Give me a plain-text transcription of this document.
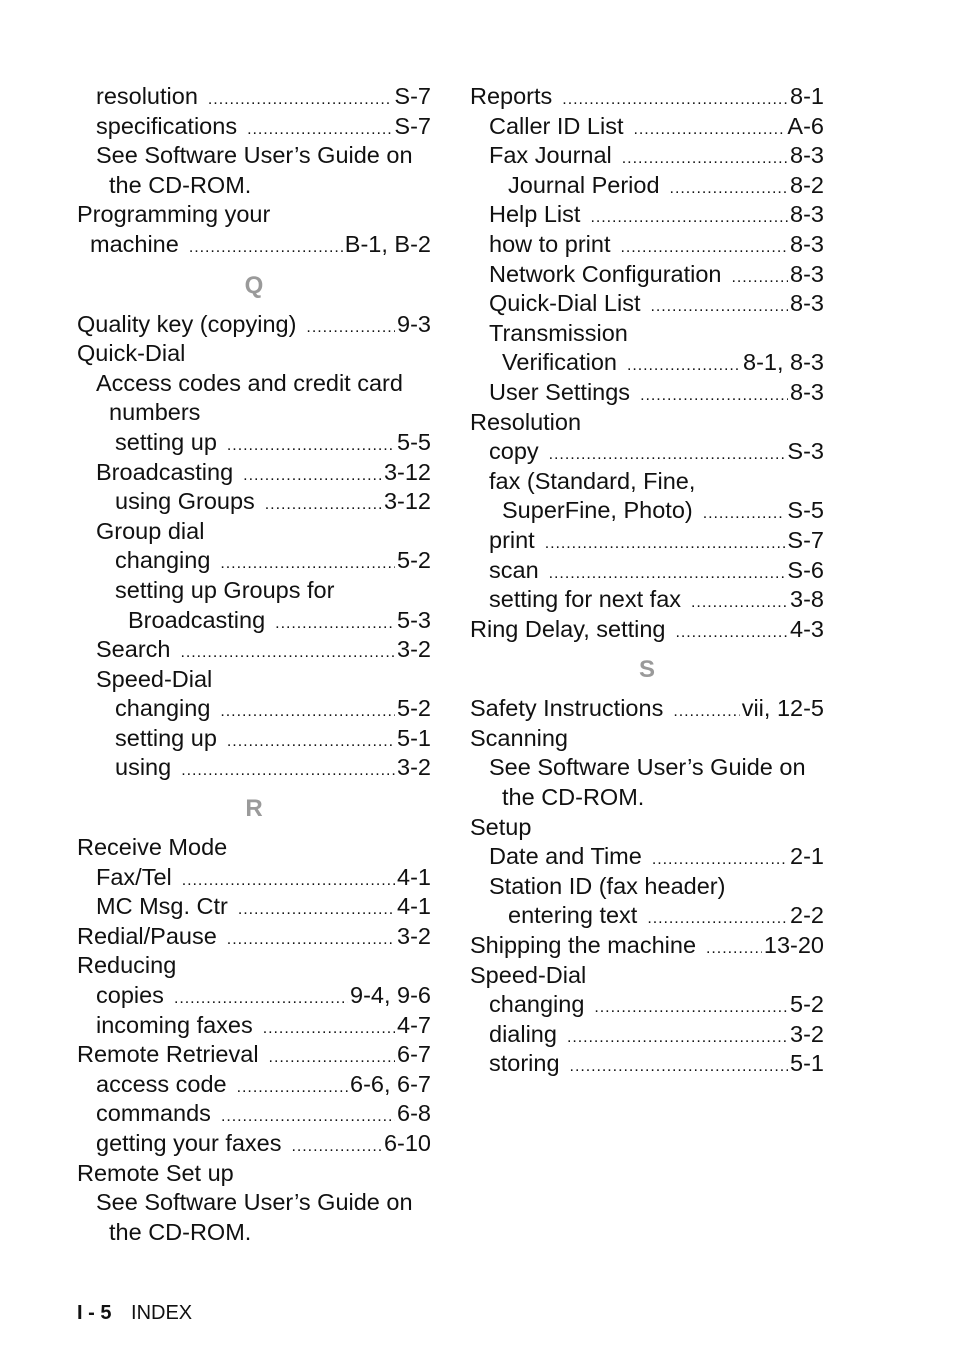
resolution . . .	S-7
specifications . . .	S-7
See Software User’s Guide on
the CD-ROM.
Programming your
machine . . .	B-1, B-2
Q
Quality key (copying) . . .	9-3
Quick-Dial
Access codes and credit card
numbers
setting up . . .	5-5
Broadcasting . . .	3-12
using Groups . . .	3-12
Group dial
changing . . .	5-2
setting up Groups for
Broadcasting . . .	5-3
Search . . .	3-2
Speed-Dial
changing . . .	5-2
setting up . . .	5-1
using . . .	3-2
R
Receive Mode
Fax/Tel . . .	4-1
MC Msg. Ctr . . .	4-1
Redial/Pause . . .	3-2
Reducing
copies . . .	9-4, 9-6
incoming faxes . . .	4-7
Remote Retrieval . . .	6-7
access code . . .	6-6, 6-7
commands . . .	6-8
getting your faxes . . .	6-10
Remote Set up
See Software User’s Guide on
the CD-ROM.
Reports . . .	8-1
Caller ID List . . .	A-6
Fax Journal . . .	8-3
Journal Period . . .	8-2
Help List . . .	8-3
how to print . . .	8-3
Network Configuration . . .	8-3
Quick-Dial List . . .	8-3
Transmission
Verification . . .	8-1, 8-3
User Settings . . .	8-3
Resolution
copy . . .	S-3
fax (Standard, Fine,
SuperFine, Photo) . . .	S-5
print . . .	S-7
scan . . .	S-6
setting for next fax . . .	3-8
Ring Delay, setting . . .	4-3
S
Safety Instructions . . .	vii, 12-5
Scanning
See Software User’s Guide on
the CD-ROM.
Setup
Date and Time . . .	2-1
Station ID (fax header)
entering text . . .	2-2
Shipping the machine . . .	13-20
Speed-Dial
changing . . .	5-2
dialing . . .	3-2
storing . . .	5-1
I - 5 INDEX
